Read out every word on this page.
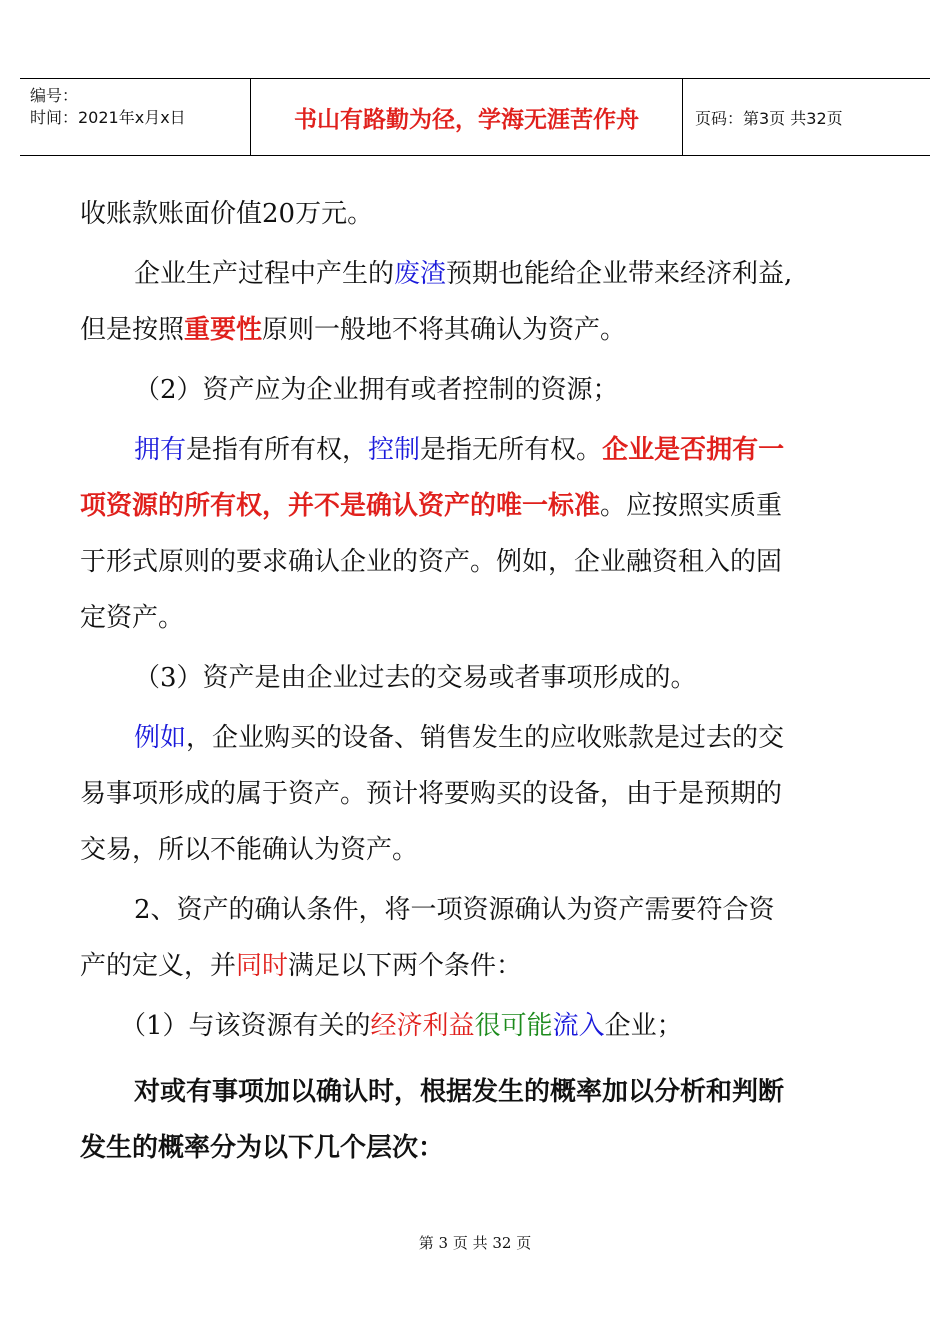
编号：
时间：2021年x月x日	书山有路勤为径，学海无涯苦作舟	页码：第3页 共32页

收账款账面价值20万元。

企业生产过程中产生的废渣预期也能给企业带来经济利益,

但是按照重要性原则一般地不将其确认为资产。

（2）资产应为企业拥有或者控制的资源；

拥有是指有所有权，控制是指无所有权。企业是否拥有一

项资源的所有权，并不是确认资产的唯一标准。应按照实质重

于形式原则的要求确认企业的资产。例如，企业融资租入的固

定资产。

（3）资产是由企业过去的交易或者事项形成的。

例如，企业购买的设备、销售发生的应收账款是过去的交

易事项形成的属于资产。预计将要购买的设备，由于是预期的

交易，所以不能确认为资产。

2、资产的确认条件，将一项资源确认为资产需要符合资

产的定义，并同时满足以下两个条件：

（1）与该资源有关的经济利益很可能流入企业；

对或有事项加以确认时，根据发生的概率加以分析和判断

发生的概率分为以下几个层次：

第 3 页 共 32 页
